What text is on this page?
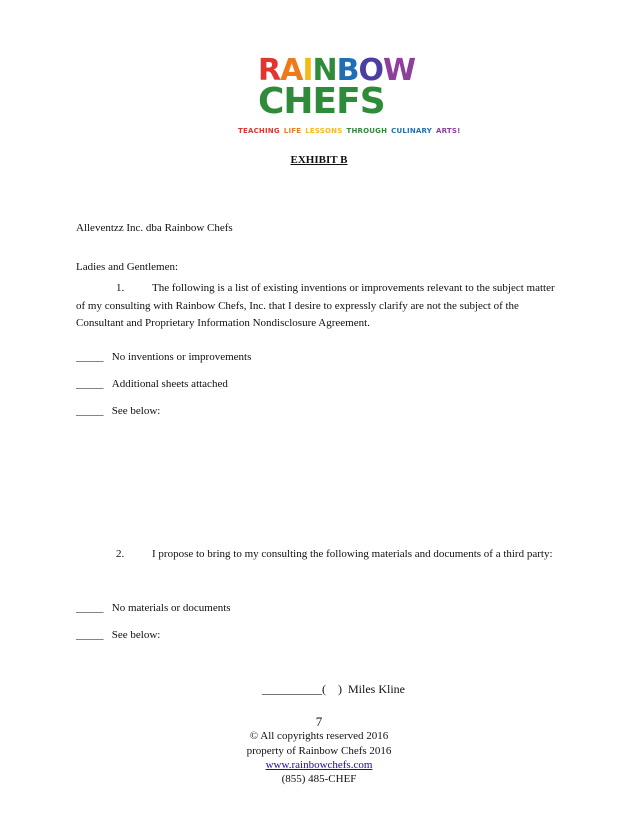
RAINBOW
CHEFS
TEACHING LIFE LESSONS THROUGH CULINARY ARTS!
EXHIBIT B
Alleventzz Inc. dba Rainbow Chefs
Ladies and Gentlemen:
1.	The following is a list of existing inventions or improvements relevant to the subject matter of my consulting with Rainbow Chefs, Inc. that I desire to expressly clarify are not the subject of the Consultant and Proprietary Information Nondisclosure Agreement.
_____ No inventions or improvements
_____ Additional sheets attached
_____ See below:
2.	I propose to bring to my consulting the following materials and documents of a third party:
_____ No materials or documents
_____ See below:
__________( ) Miles Kline
7
© All copyrights reserved 2016
property of Rainbow Chefs 2016
www.rainbowchefs.com
(855) 485-CHEF
